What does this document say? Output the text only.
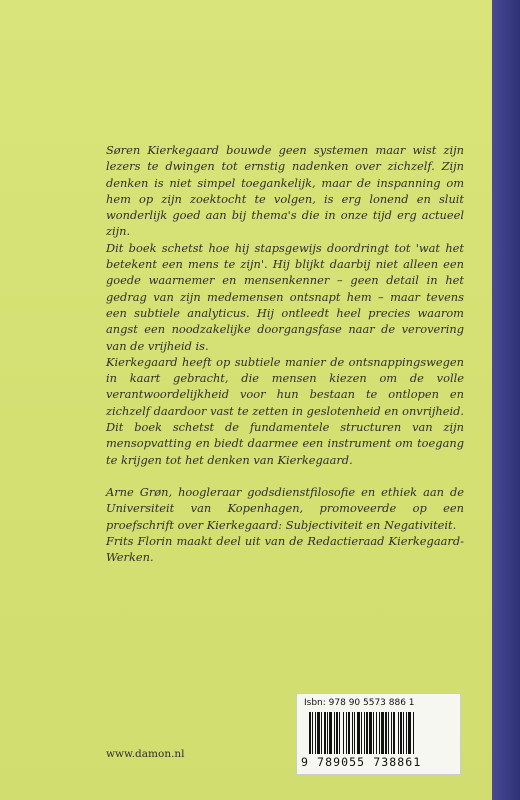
Søren Kierkegaard bouwde geen systemen maar wist zijn lezers te dwingen tot ernstig nadenken over zichzelf. Zijn denken is niet simpel toegankelijk, maar de inspanning om hem op zijn zoektocht te volgen, is erg lonend en sluit wonderlijk goed aan bij thema's die in onze tijd erg actueel zijn.

Dit boek schetst hoe hij stapsgewijs doordringt tot 'wat het betekent een mens te zijn'. Hij blijkt daarbij niet alleen een goede waarnemer en mensenkenner – geen detail in het gedrag van zijn medemensen ontsnapt hem – maar tevens een subtiele analyticus. Hij ontleedt heel precies waarom angst een noodzakelijke doorgangsfase naar de verovering van de vrijheid is.

Kierkegaard heeft op subtiele manier de ontsnappingswegen in kaart gebracht, die mensen kiezen om de volle verantwoordelijkheid voor hun bestaan te ontlopen en zichzelf daardoor vast te zetten in geslotenheid en onvrijheid. Dit boek schetst de fundamentele structuren van zijn mensopvatting en biedt daarmee een instrument om toegang te krijgen tot het denken van Kierkegaard.

Arne Grøn, hoogleraar godsdienstfilosofie en ethiek aan de Universiteit van Kopenhagen, promoveerde op een proefschrift over Kierkegaard: Subjectiviteit en Negativiteit.

Frits Florin maakt deel uit van de Redactieraad Kierkegaard-Werken.

www.damon.nl
Isbn: 978 90 5573 886 1
9 789055 738861
